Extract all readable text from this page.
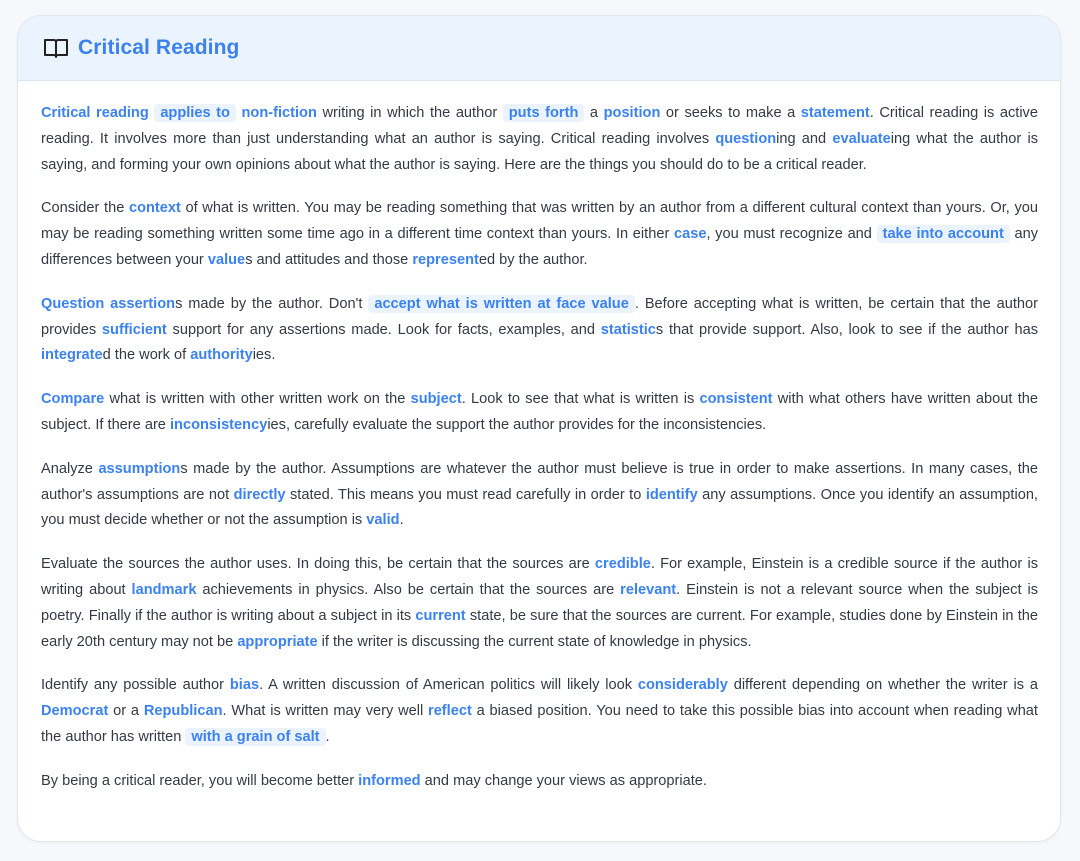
Critical Reading

Critical reading applies to non-fiction writing in which the author puts forth a position or seeks to make a statement. Critical reading is active reading. It involves more than just understanding what an author is saying. Critical reading involves questioning and evaluateing what the author is saying, and forming your own opinions about what the author is saying. Here are the things you should do to be a critical reader.

Consider the context of what is written. You may be reading something that was written by an author from a different cultural context than yours. Or, you may be reading something written some time ago in a different time context than yours. In either case, you must recognize and take into account any differences between your values and attitudes and those represented by the author.

Question assertions made by the author. Don't accept what is written at face value . Before accepting what is written, be certain that the author provides sufficient support for any assertions made. Look for facts, examples, and statistics that provide support. Also, look to see if the author has integrated the work of authorityies.

Compare what is written with other written work on the subject. Look to see that what is written is consistent with what others have written about the subject. If there are inconsistencyies, carefully evaluate the support the author provides for the inconsistencies.

Analyze assumptions made by the author. Assumptions are whatever the author must believe is true in order to make assertions. In many cases, the author's assumptions are not directly stated. This means you must read carefully in order to identify any assumptions. Once you identify an assumption, you must decide whether or not the assumption is valid.

Evaluate the sources the author uses. In doing this, be certain that the sources are credible. For example, Einstein is a credible source if the author is writing about landmark achievements in physics. Also be certain that the sources are relevant. Einstein is not a relevant source when the subject is poetry. Finally if the author is writing about a subject in its current state, be sure that the sources are current. For example, studies done by Einstein in the early 20th century may not be appropriate if the writer is discussing the current state of knowledge in physics.

Identify any possible author bias. A written discussion of American politics will likely look considerably different depending on whether the writer is a Democrat or a Republican. What is written may very well reflect a biased position. You need to take this possible bias into account when reading what the author has written with a grain of salt .

By being a critical reader, you will become better informed and may change your views as appropriate.
